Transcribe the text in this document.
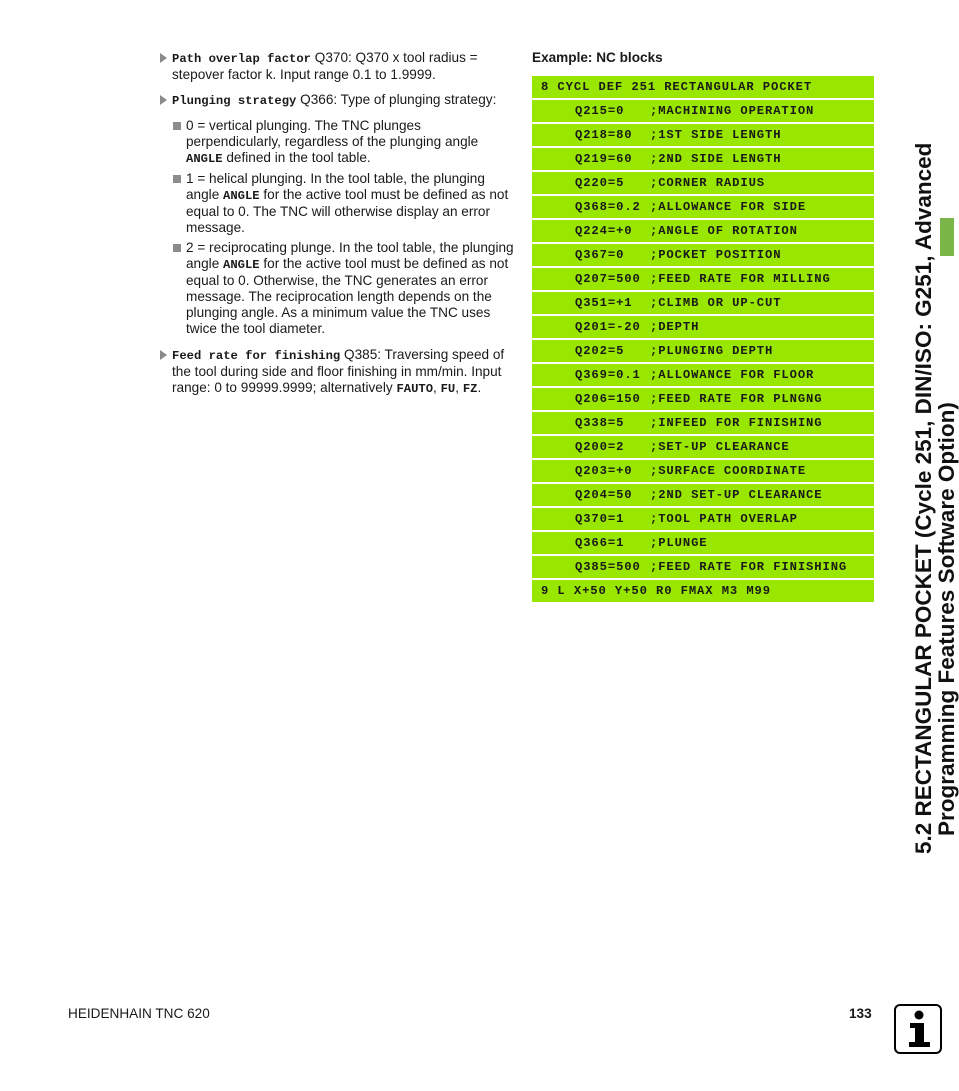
Path overlap factor Q370: Q370 x tool radius = stepover factor k. Input range 0.1 to 1.9999.
Plunging strategy Q366: Type of plunging strategy:
0 = vertical plunging. The TNC plunges perpendicularly, regardless of the plunging angle ANGLE defined in the tool table.
1 = helical plunging. In the tool table, the plunging angle ANGLE for the active tool must be defined as not equal to 0. The TNC will otherwise display an error message.
2 = reciprocating plunge. In the tool table, the plunging angle ANGLE for the active tool must be defined as not equal to 0. Otherwise, the TNC generates an error message. The reciprocation length depends on the plunging angle. As a minimum value the TNC uses twice the tool diameter.
Feed rate for finishing Q385: Traversing speed of the tool during side and floor finishing in mm/min. Input range: 0 to 99999.9999; alternatively FAUTO, FU, FZ.
Example: NC blocks
8 CYCL DEF 251 RECTANGULAR POCKET
Q215=0	;MACHINING OPERATION
Q218=80	;1ST SIDE LENGTH
Q219=60	;2ND SIDE LENGTH
Q220=5	;CORNER RADIUS
Q368=0.2 ;ALLOWANCE FOR SIDE
Q224=+0	;ANGLE OF ROTATION
Q367=0	;POCKET POSITION
Q207=500 ;FEED RATE FOR MILLING
Q351=+1	;CLIMB OR UP-CUT
Q201=-20 ;DEPTH
Q202=5	;PLUNGING DEPTH
Q369=0.1 ;ALLOWANCE FOR FLOOR
Q206=150 ;FEED RATE FOR PLNGNG
Q338=5	;INFEED FOR FINISHING
Q200=2	;SET-UP CLEARANCE
Q203=+0	;SURFACE COORDINATE
Q204=50	;2ND SET-UP CLEARANCE
Q370=1	;TOOL PATH OVERLAP
Q366=1	;PLUNGE
Q385=500 ;FEED RATE FOR FINISHING
9 L X+50 Y+50 R0 FMAX M3 M99	5.2 RECTANGULAR POCKET (Cycle 251, DIN/ISO: G251, Advanced
Programming Features Software Option)
HEIDENHAIN TNC 620	133
